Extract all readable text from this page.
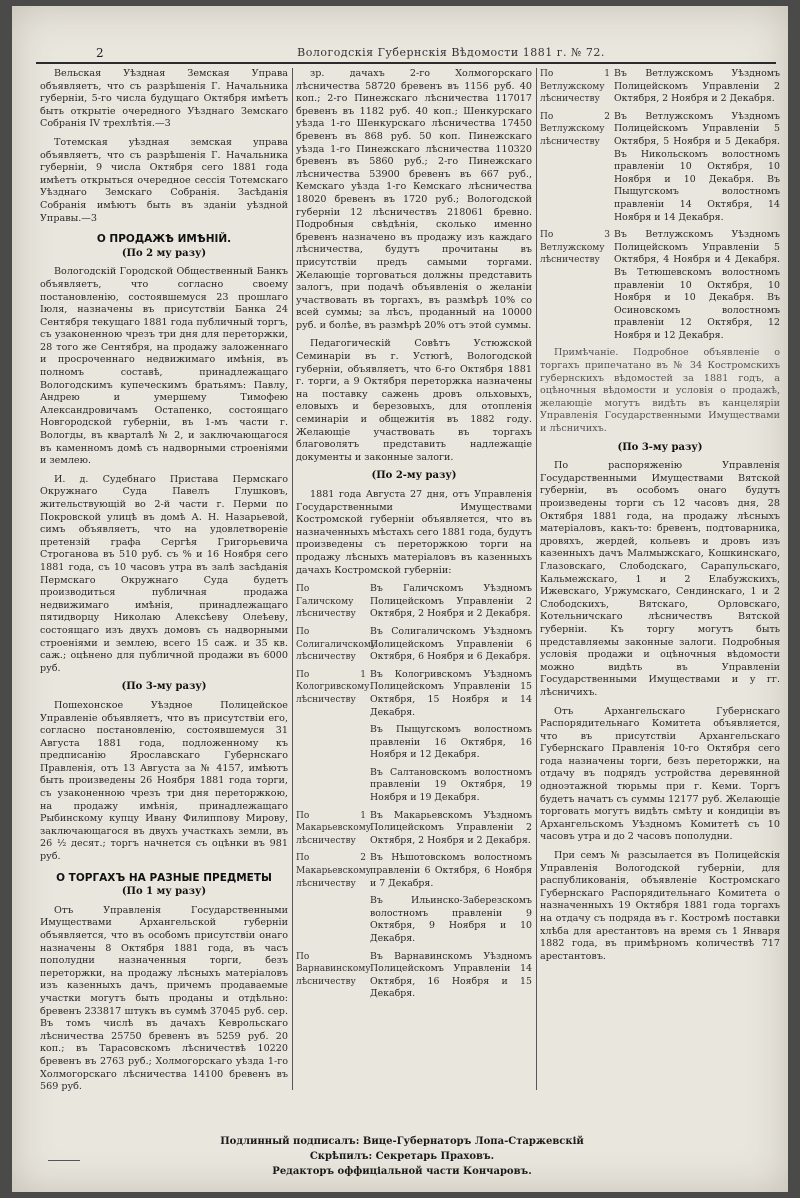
2	Вологодскія Губернскія Вѣдомости 1881 г. № 72.

Вельская Уѣздная Земская Управа объявляетъ, что съ разрѣшенія Г. Начальника губерніи, 5-го числа будущаго Октября имѣетъ быть открытіе очередного Уѣзднаго Земскаго Собранія IV трехлѣтія.—3

Тотемская уѣздная земская управа объявляетъ, что съ разрѣшенія Г. Начальника губерніи, 9 числа Октября сего 1881 года имѣетъ открыться очередное сессія Тотемскаго Уѣзднаго Земскаго Собранія. Засѣданія Собранія имѣютъ быть въ зданіи уѣздной Управы.—3

О ПРОДАЖѢ ИМѢНІЙ.
(По 2 му разу)

Вологодскій Городской Общественный Банкъ объявляетъ, что согласно своему постановленію, состоявшемуся 23 прошлаго Іюля, назначены въ присутствіи Банка 24 Сентября текущаго 1881 года публичный торгъ, съ узаконенною чрезъ три дня для переторжки, 28 того же Сентября, на продажу заложеннаго и просроченнаго недвижимаго имѣнія, въ полномъ составѣ, принадлежащаго Вологодскимъ купеческимъ братьямъ: Павлу, Андрею и умершему Тимофею Александровичамъ Остапенко, состоящаго Новгородской губерніи, въ 1-мъ части г. Вологды, въ кварталѣ № 2, и заключающагося въ каменномъ домѣ съ надворными строеніями и землею.

И. д. Судебнаго Пристава Пермскаго Окружнаго Суда Павелъ Глушковъ, жительствующій во 2-й части г. Перми по Покровской улицѣ въ домѣ А. Н. Назарьевой, симъ объявляетъ, что на удовлетвореніе претензій графа Сергѣя Григорьевича Строганова въ 510 руб. съ % и 16 Ноября сего 1881 года, съ 10 часовъ утра въ залѣ засѣданія Пермскаго Окружнаго Суда будетъ производиться публичная продажа недвижимаго имѣнія, принадлежащаго пятидворцу Николаю Алексѣеву Олеѣеву, состоящаго изъ двухъ домовъ съ надворными строеніями и землею, всего 15 саж. и 35 кв. саж.; оцѣнено для публичной продажи въ 6000 руб.

(По 3-му разу)

Пошехонское Уѣздное Полицейское Управленіе объявляетъ, что въ присутствіи его, согласно постановленію, состоявшемуся 31 Августа 1881 года, подложенному къ предписанію Ярославскаго Губернскаго Правленія, отъ 13 Августа за № 4157, имѣютъ быть произведены 26 Ноября 1881 года торги, съ узаконенною чрезъ три дня переторжкою, на продажу имѣнія, принадлежащаго Рыбинскому купцу Ивану Филиппову Мирову, заключающагося въ двухъ участкахъ земли, въ 26 ½ десят.; торгъ начнется съ оцѣнки въ 981 руб.

О ТОРГАХЪ НА РАЗНЫЕ ПРЕДМЕТЫ
(По 1 му разу)

Отъ Управленія Государственными Имуществами Архангельской губерніи объявляется, что въ особомъ присутствіи онаго назначены 8 Октября 1881 года, въ часъ пополудни назначенныя торги, безъ переторжки, на продажу лѣсныхъ матеріаловъ изъ казенныхъ дачъ, причемъ продаваемые участки могутъ быть проданы и отдѣльно: бревенъ 233817 штукъ въ суммѣ 37045 руб. сер. Въ томъ числѣ въ дачахъ Кеврольскаго лѣсничества 25750 бревенъ въ 5259 руб. 20 коп.; въ Тарасовскомъ лѣсничествѣ 10220 бревенъ въ 2763 руб.; Холмогорскаго уѣзда 1-го Холмогорскаго лѣсничества 14100 бревенъ въ 569 руб.

зр. дачахъ 2-го Холмогорскаго лѣсничества 58720 бревенъ въ 1156 руб. 40 коп.; 2-го Пинежскаго лѣсничества 117017 бревенъ въ 1182 руб. 40 коп.; Шенкурскаго уѣзда 1-го Шенкурскаго лѣсничества 17450 бревенъ въ 868 руб. 50 коп. Пинежскаго уѣзда 1-го Пинежскаго лѣсничества 110320 бревенъ въ 5860 руб.; 2-го Пинежскаго лѣсничества 53900 бревенъ въ 667 руб., Кемскаго уѣзда 1-го Кемскаго лѣсничества 18020 бревенъ въ 1720 руб.; Вологодской губерніи 12 лѣсничествъ 218061 бревно. Подробныя свѣдѣнія, сколько именно бревенъ назначено въ продажу изъ каждаго лѣсничества, будутъ прочитаны въ присутствіи предъ самыми торгами. Желающіе торговаться должны представить залогъ, при подачѣ объявленія о желаніи участвовать въ торгахъ, въ размѣрѣ 10% со всей суммы; за лѣсъ, проданный на 10000 руб. и болѣе, въ размѣрѣ 20% отъ этой суммы.

Педагогическій Совѣтъ Устюжской Семинаріи въ г. Устюгѣ, Вологодской губерніи, объявляетъ, что 6-го Октября 1881 г. торги, а 9 Октября переторжка назначены на поставку сажень дровъ ольховыхъ, еловыхъ и березовыхъ, для отопленія семинаріи и общежитія въ 1882 году. Желающіе участвовать въ торгахъ благоволятъ представить надлежащіе документы и законные залоги.

(По 2-му разу)

1881 года Августа 27 дня, отъ Управленія Государственными Имуществами Костромской губерніи объявляется, что въ назначенныхъ мѣстахъ сего 1881 года, будутъ произведены съ переторжкою торги на продажу лѣсныхъ матеріаловъ въ казенныхъ дачахъ Костромской губерніи:

По Галичскому лѣсничеству
Въ Галичскомъ Уѣздномъ Полицейскомъ Управленіи 2 Октября, 2 Ноября и 2 Декабря.
По Солигаличскому лѣсничеству
Въ Солигаличскомъ Уѣздномъ Полицейскомъ Управленіи 6 Октября, 6 Ноября и 6 Декабря.
По 1 Кологривскому лѣсничеству
Въ Кологривскомъ Уѣздномъ Полицейскомъ Управленіи 15 Октября, 15 Ноября и 14 Декабря.
Въ Пыщугскомъ волостномъ правленіи 16 Октября, 16 Ноября и 12 Декабря.
Въ Салтановскомъ волостномъ правленіи 19 Октября, 19 Ноября и 19 Декабря.
По 1 Макарьевскому лѣсничеству
Въ Макарьевскомъ Уѣздномъ Полицейскомъ Управленіи 2 Октября, 2 Ноября и 2 Декабря.
По 2 Макарьевскому лѣсничеству
Въ Нѣшотовскомъ волостномъ правленіи 6 Октября, 6 Ноября и 7 Декабря.
Въ Ильинско-Заберезскомъ волостномъ правленіи 9 Октября, 9 Ноября и 10 Декабря.
По Варнавинскому лѣсничеству
Въ Варнавинскомъ Уѣздномъ Полицейскомъ Управленіи 14 Октября, 16 Ноября и 15 Декабря.
По 1 Ветлужскому лѣсничеству
Въ Ветлужскомъ Уѣздномъ Полицейскомъ Управленіи 2 Октября, 2 Ноября и 2 Декабря.
По 2 Ветлужскому лѣсничеству
Въ Ветлужскомъ Уѣздномъ Полицейскомъ Управленіи 5 Октября, 5 Ноября и 5 Декабря. Въ Никольскомъ волостномъ правленіи 10 Октября, 10 Ноября и 10 Декабря. Въ Пыщугскомъ волостномъ правленіи 14 Октября, 14 Ноября и 14 Декабря.
По 3 Ветлужскому лѣсничеству
Въ Ветлужскомъ Уѣздномъ Полицейскомъ Управленіи 5 Октября, 4 Ноября и 4 Декабря. Въ Тетюшевскомъ волостномъ правленіи 10 Октября, 10 Ноября и 10 Декабря. Въ Осиновскомъ волостномъ правленіи 12 Октября, 12 Ноября и 12 Декабря.

Примѣчаніе. Подробное объявленіе о торгахъ припечатано въ № 34 Костромскихъ губернскихъ вѣдомостей за 1881 годъ, а оцѣночныя вѣдомости и условія о продажѣ, желающіе могутъ видѣть въ канцеляріи Управленія Государственными Имуществами и лѣсничихъ.

(По 3-му разу)

По распоряженію Управленія Государственными Имуществами Вятской губерніи, въ особомъ онаго будутъ произведены торги съ 12 часовъ дня, 28 Октября 1881 года, на продажу лѣсныхъ матеріаловъ, какъ-то: бревенъ, подтоварника, дровяхъ, жердей, кольевъ и дровъ изъ казенныхъ дачъ Малмыжскаго, Кошкинскаго, Глазовскаго, Слободскаго, Сарапульскаго, Кальмежскаго, 1 и 2 Елабужскихъ, Ижевскаго, Уржумскаго, Сендинскаго, 1 и 2 Слободскихъ, Вятскаго, Орловскаго, Котельничскаго лѣсничествъ Вятской губерніи. Къ торгу могутъ быть представляемы законные залоги. Подробныя условія продажи и оцѣночныя вѣдомости можно видѣть въ Управленіи Государственными Имуществами и у гг. лѣсничихъ.

Отъ Архангельскаго Губернскаго Распорядительнаго Комитета объявляется, что въ присутствіи Архангельскаго Губернскаго Правленія 10-го Октября сего года назначены торги, безъ переторжки, на отдачу въ подрядъ устройства деревянной одноэтажной тюрьмы при г. Кеми. Торгъ будетъ начатъ съ суммы 12177 руб. Желающіе торговать могутъ видѣть смѣту и кондиціи въ Архангельскомъ Уѣздномъ Комитетѣ съ 10 часовъ утра и до 2 часовъ пополудни.

При семъ № разсылается въ Полицейскія Управленія Вологодской губерніи, для распубликованія, объявленіе Костромскаго Губернскаго Распорядительнаго Комитета о назначенныхъ 19 Октября 1881 года торгахъ на отдачу съ подряда въ г. Костромѣ поставки хлѣба для арестантовъ на время съ 1 Января 1882 года, въ примѣрномъ количествѣ 717 арестантовъ.

Подлинный подписалъ: Вице-Губернаторъ Лопа-Старжевскій
Скрѣпилъ: Секретарь Праховъ.
Редакторъ оффиціальной части Кончаровъ.
